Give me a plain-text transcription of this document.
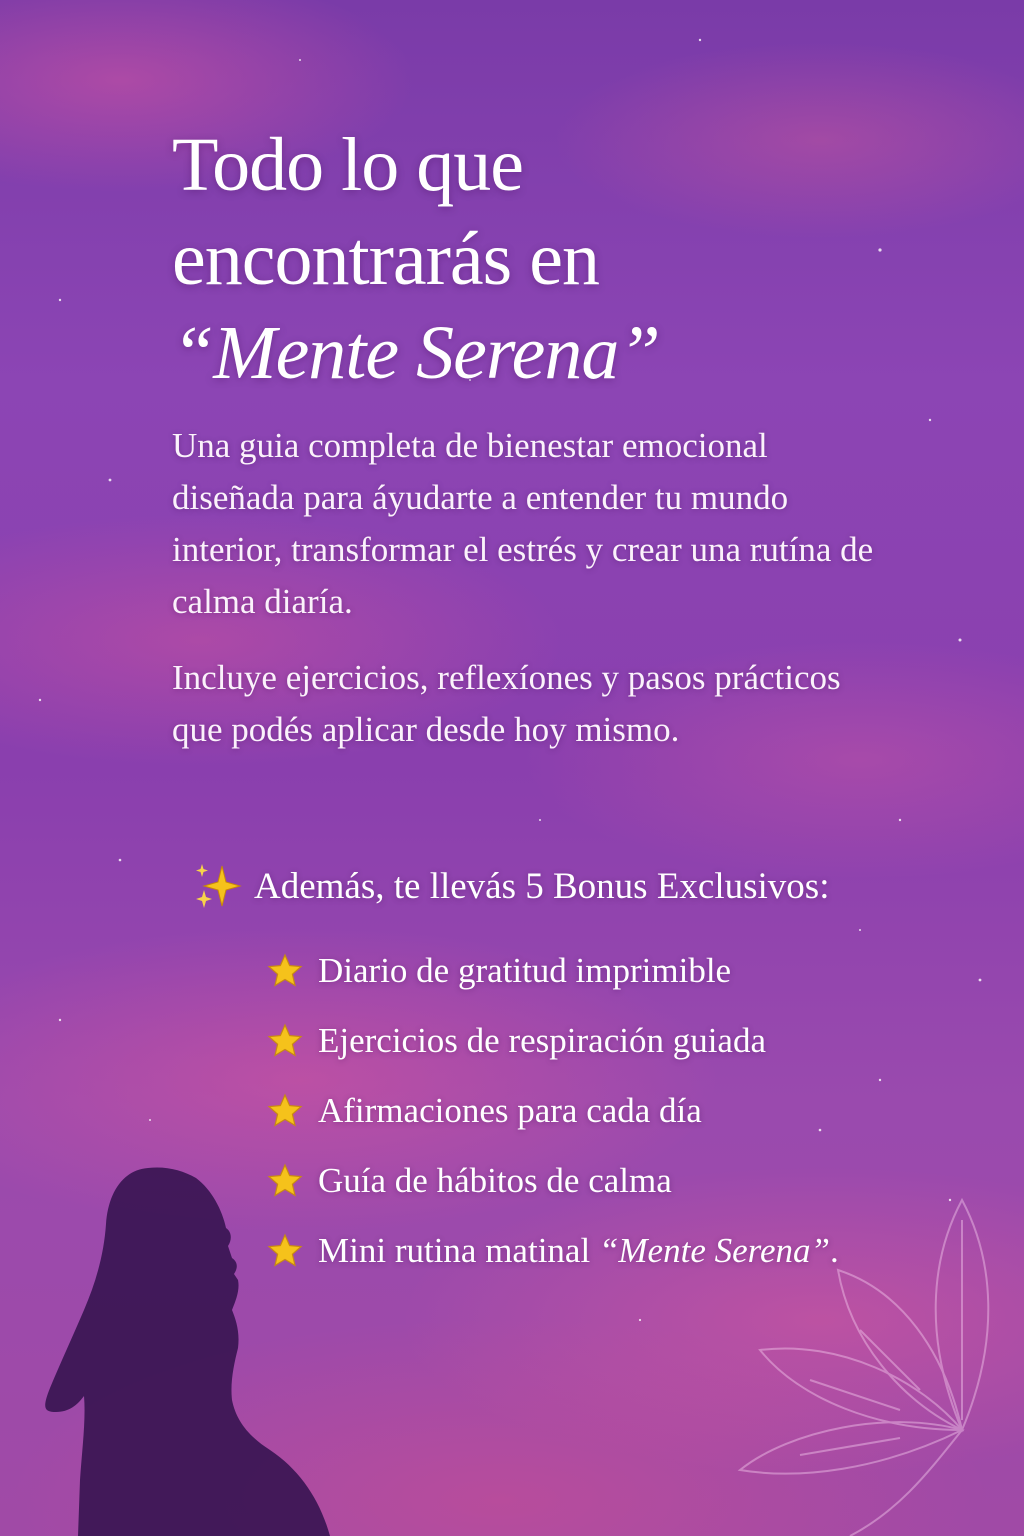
Todo lo que
encontrarás en
“Mente Serena”

Una guia completa de bienestar emocional diseñada para áyudarte a entender tu mundo interior, transformar el estrés y crear una rutína de calma diaría.

Incluye ejercicios, reflexíones y pasos prácticos que podés aplicar desde hoy mismo.

Además, te llevás 5 Bonus Exclusivos:
Diario de gratitud imprimible
Ejercicios de respiración guiada
Afirmaciones para cada día
Guía de hábitos de calma
Mini rutina matinal “Mente Serena”.
